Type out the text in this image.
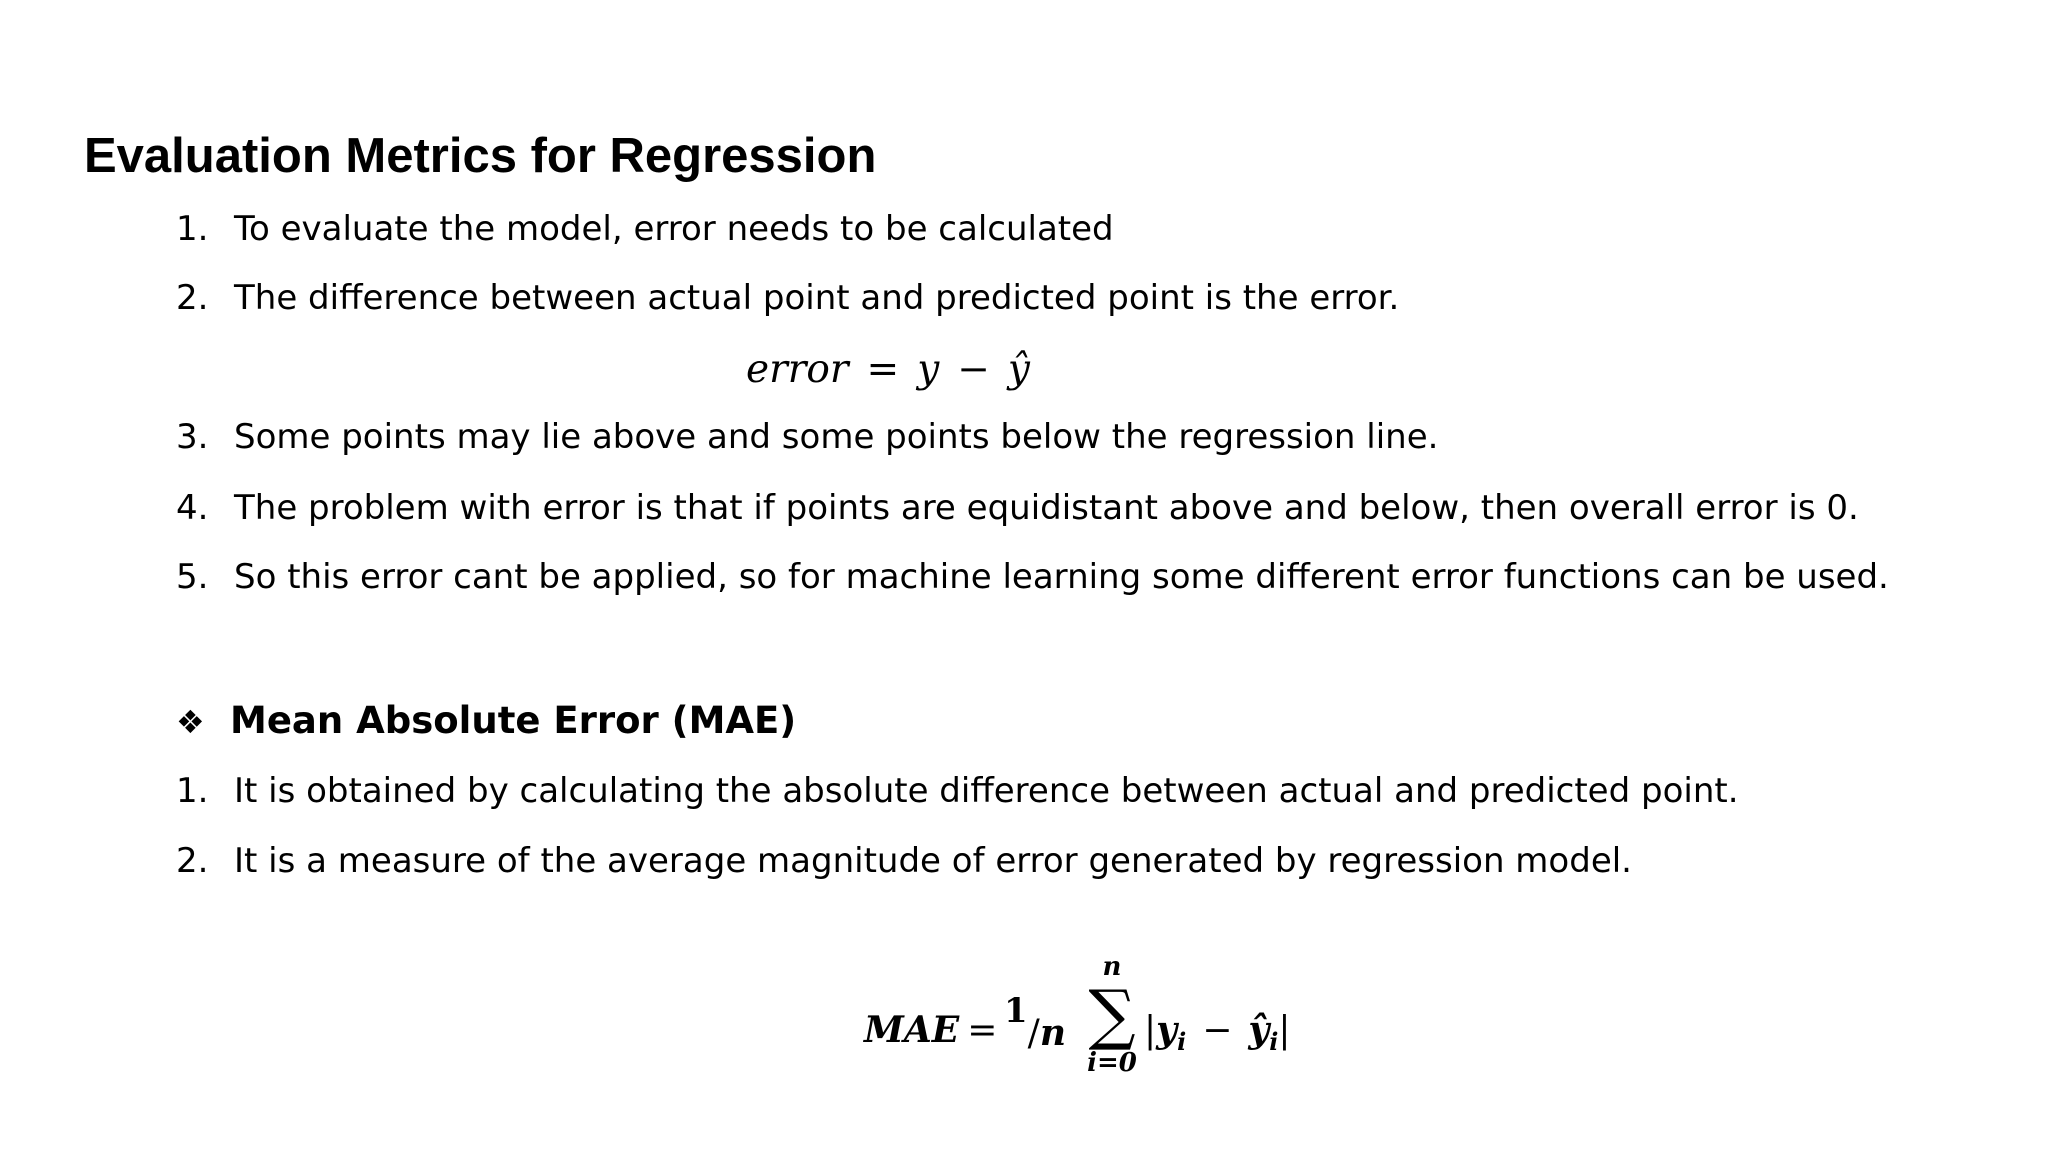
Evaluation Metrics for Regression
1. To evaluate the model, error needs to be calculated
2. The difference between actual point and predicted point is the error.
3. Some points may lie above and some points below the regression line.
4. The problem with error is that if points are equidistant above and below, then overall error is 0.
5. So this error cant be applied, so for machine learning some different error functions can be used.
error = y − ŷ
❖ Mean Absolute Error (MAE)
1. It is obtained by calculating the absolute difference between actual and predicted point.
2. It is a measure of the average magnitude of error generated by regression model.
MAE = $^1$/n
n
∑
i=0
$|y_i$ − $ŷ_i|$
